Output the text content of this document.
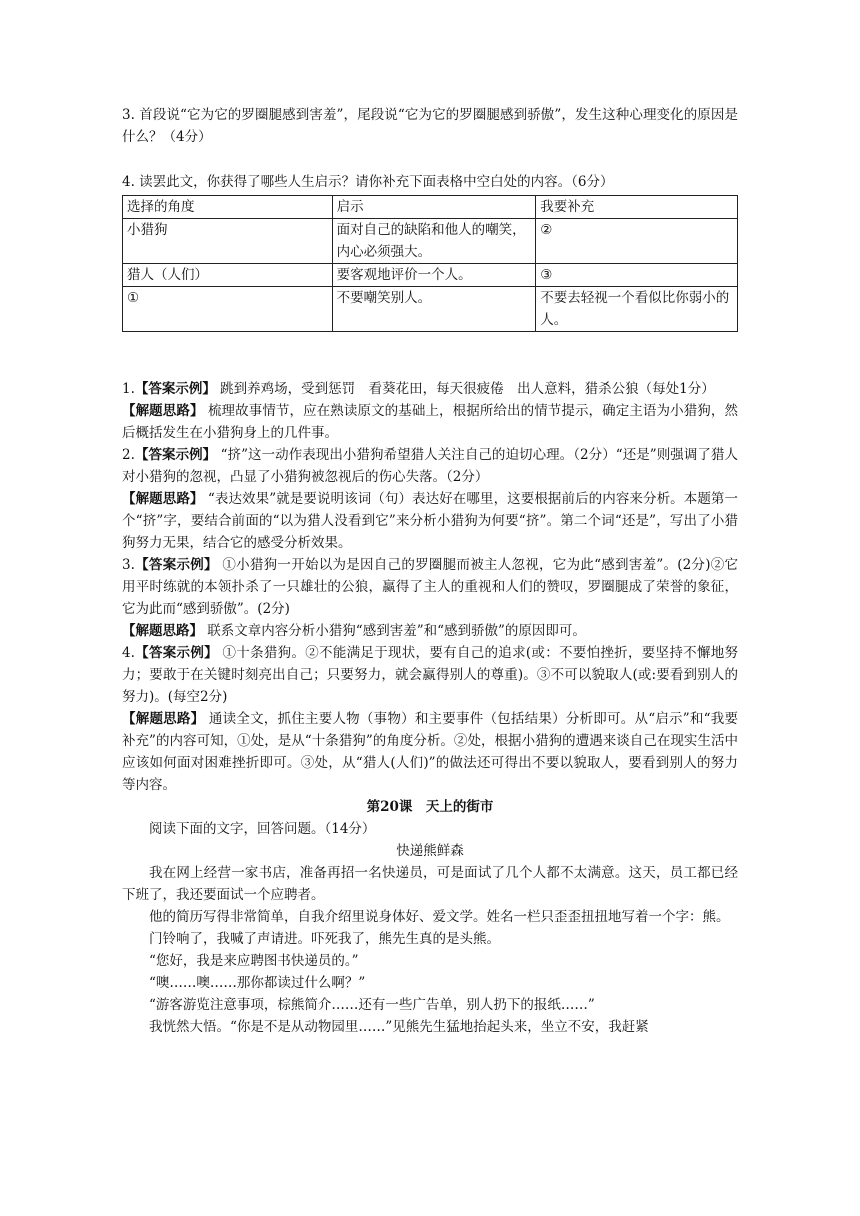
3. 首段说“它为它的罗圈腿感到害羞”，尾段说“它为它的罗圈腿感到骄傲”，发生这种心理变化的原因是什么？（4分）

4. 读罢此文，你获得了哪些人生启示？请你补充下面表格中空白处的内容。（6分）

选择的角度	启示	我要补充
小猎狗	面对自己的缺陷和他人的嘲笑，内心必须强大。	②
猎人（人们）	要客观地评价一个人。	③
①	不要嘲笑别人。	不要去轻视一个看似比你弱小的人。

1.【答案示例】 跳到养鸡场，受到惩罚　看葵花田，每天很疲倦　出人意料，猎杀公狼（每处1分）

【解题思路】 梳理故事情节，应在熟读原文的基础上，根据所给出的情节提示，确定主语为小猎狗，然后概括发生在小猎狗身上的几件事。

2.【答案示例】 “挤”这一动作表现出小猎狗希望猎人关注自己的迫切心理。（2分）“还是”则强调了猎人对小猎狗的忽视，凸显了小猎狗被忽视后的伤心失落。（2分）

【解题思路】 “表达效果”就是要说明该词（句）表达好在哪里，这要根据前后的内容来分析。本题第一个“挤”字，要结合前面的“以为猎人没看到它”来分析小猎狗为何要“挤”。第二个词“还是”，写出了小猎狗努力无果，结合它的感受分析效果。

3.【答案示例】 ①小猎狗一开始以为是因自己的罗圈腿而被主人忽视，它为此“感到害羞”。(2分)②它用平时练就的本领扑杀了一只雄壮的公狼，赢得了主人的重视和人们的赞叹，罗圈腿成了荣誉的象征，它为此而“感到骄傲”。(2分)

【解题思路】 联系文章内容分析小猎狗“感到害羞”和“感到骄傲”的原因即可。

4.【答案示例】 ①十条猎狗。②不能满足于现状，要有自己的追求(或：不要怕挫折，要坚持不懈地努力；要敢于在关键时刻亮出自己；只要努力，就会赢得别人的尊重)。③不可以貌取人(或:要看到别人的努力)。(每空2分)

【解题思路】 通读全文，抓住主要人物（事物）和主要事件（包括结果）分析即可。从“启示”和“我要补充”的内容可知，①处，是从“十条猎狗”的角度分析。②处，根据小猎狗的遭遇来谈自己在现实生活中应该如何面对困难挫折即可。③处，从“猎人(人们)”的做法还可得出不要以貌取人，要看到别人的努力等内容。

第20课　天上的街市

阅读下面的文字，回答问题。（14分）

快递熊鲜森

我在网上经营一家书店，准备再招一名快递员，可是面试了几个人都不太满意。这天，员工都已经下班了，我还要面试一个应聘者。

他的简历写得非常简单，自我介绍里说身体好、爱文学。姓名一栏只歪歪扭扭地写着一个字：熊。

门铃响了，我喊了声请进。吓死我了，熊先生真的是头熊。

“您好，我是来应聘图书快递员的。”

“噢……噢……那你都读过什么啊？”

“游客游览注意事项，棕熊简介……还有一些广告单，别人扔下的报纸……”

我恍然大悟。“你是不是从动物园里……”见熊先生猛地抬起头来，坐立不安，我赶紧
